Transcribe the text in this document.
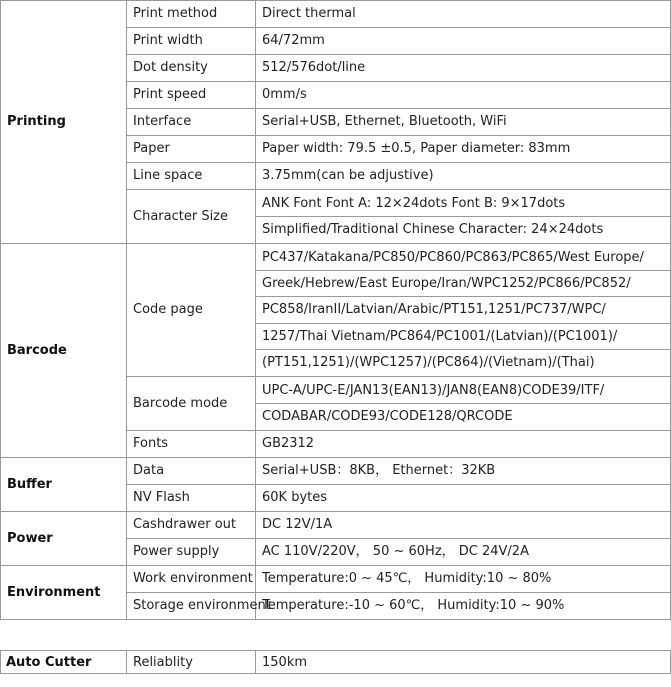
Printing	Print method	Direct thermal
	Print width	64/72mm
	Dot density	512/576dot/line
	Print speed	0mm/s
	Interface	Serial+USB, Ethernet, Bluetooth, WiFi
	Paper	Paper width: 79.5 ±0.5, Paper diameter: 83mm
	Line space	3.75mm(can be adjustive)
	Character Size	ANK Font Font A: 12×24dots Font B: 9×17dots
Simplified/Traditional Chinese Character: 24×24dots

Barcode	Code page	PC437/Katakana/PC850/PC860/PC863/PC865/West Europe/
Greek/Hebrew/East Europe/Iran/WPC1252/PC866/PC852/
PC858/IranII/Latvian/Arabic/PT151,1251/PC737/WPC/
1257/Thai Vietnam/PC864/PC1001/(Latvian)/(PC1001)/
(PT151,1251)/(WPC1257)/(PC864)/(Vietnam)/(Thai)

	Barcode mode	UPC-A/UPC-E/JAN13(EAN13)/JAN8(EAN8)CODE39/ITF/
CODABAR/CODE93/CODE128/QRCODE

	Fonts	GB2312
Buffer	Data	Serial+USB：8KB， Ethernet：32KB
	NV Flash	60K bytes
Power	Cashdrawer out	DC 12V/1A
	Power supply	AC 110V/220V， 50 ~ 60Hz， DC 24V/2A
Environment	Work environment	Temperature:0 ~ 45℃， Humidity:10 ~ 80%
	Storage environment	Temperature:-10 ~ 60℃， Humidity:10 ~ 90%
Auto Cutter	Reliablity	150km
